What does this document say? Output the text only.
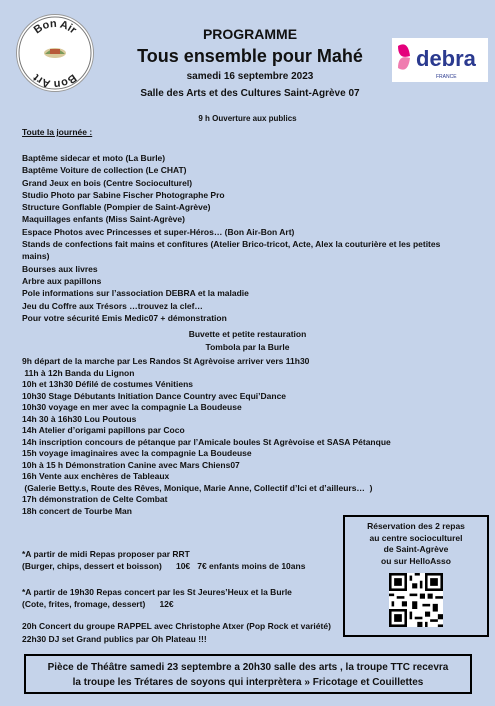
Bon Air
Bon Art
debra
FRANCE
PROGRAMME
Tous ensemble pour Mahé
samedi 16 septembre 2023
Salle des Arts et des Cultures Saint-Agrève 07
9 h Ouverture aux publics
Toute la journée :
Baptême sidecar et moto (La Burle)
Baptême Voiture de collection (Le CHAT)
Grand Jeux en bois (Centre Socioculturel)
Studio Photo par Sabine Fischer Photographe Pro
Structure Gonflable (Pompier de Saint-Agrève)
Maquillages enfants (Miss Saint-Agrève)
Espace Photos avec Princesses et super-Héros… (Bon Air-Bon Art)
Stands de confections fait mains et confitures (Atelier Brico-tricot, Acte, Alex la couturière et les petites mains)
Bourses aux livres
Arbre aux papillons
Pole informations sur l’association DEBRA et la maladie
Jeu du Coffre aux Trésors …trouvez la clef…
Pour votre sécurité Emis Medic07 + démonstration
Buvette et petite restauration
Tombola par la Burle
9h départ de la marche par Les Randos St Agrèvoise arriver vers 11h30
11h à 12h Banda du Lignon
10h et 13h30 Défilé de costumes Vénitiens
10h30 Stage Débutants Initiation Dance Country avec Equi’Dance
10h30 voyage en mer avec la compagnie La Boudeuse
14h 30 à 16h30 Lou Poutous
14h Atelier d’origami papillons par Coco
14h inscription concours de pétanque par l’Amicale boules St Agrèvoise et SASA Pétanque
15h voyage imaginaires avec la compagnie La Boudeuse
10h à 15 h Démonstration Canine avec Mars Chiens07
16h Vente aux enchères de Tableaux
(Galerie Betty.s, Route des Rêves, Monique, Marie Anne, Collectif d’Ici et d’ailleurs…  )
17h démonstration de Celte Combat
18h concert de Tourbe Man
*A partir de midi Repas proposer par RRT
(Burger, chips, dessert et boisson)      10€   7€ enfants moins de 10ans
*A partir de 19h30 Repas concert par les St Jeures’Heux et la Burle
(Cote, frites, fromage, dessert)      12€
20h Concert du groupe RAPPEL avec Christophe Atxer (Pop Rock et variété)
22h30 DJ set Grand publics par Oh Plateau !!!
Réservation des 2 repas
au centre socioculturel
de Saint-Agrève
ou sur HelloAsso
Pièce de Théâtre samedi 23 septembre a 20h30 salle des arts , la troupe TTC recevra
la troupe les Trétares de soyons qui interprètera » Fricotage et Couillettes
